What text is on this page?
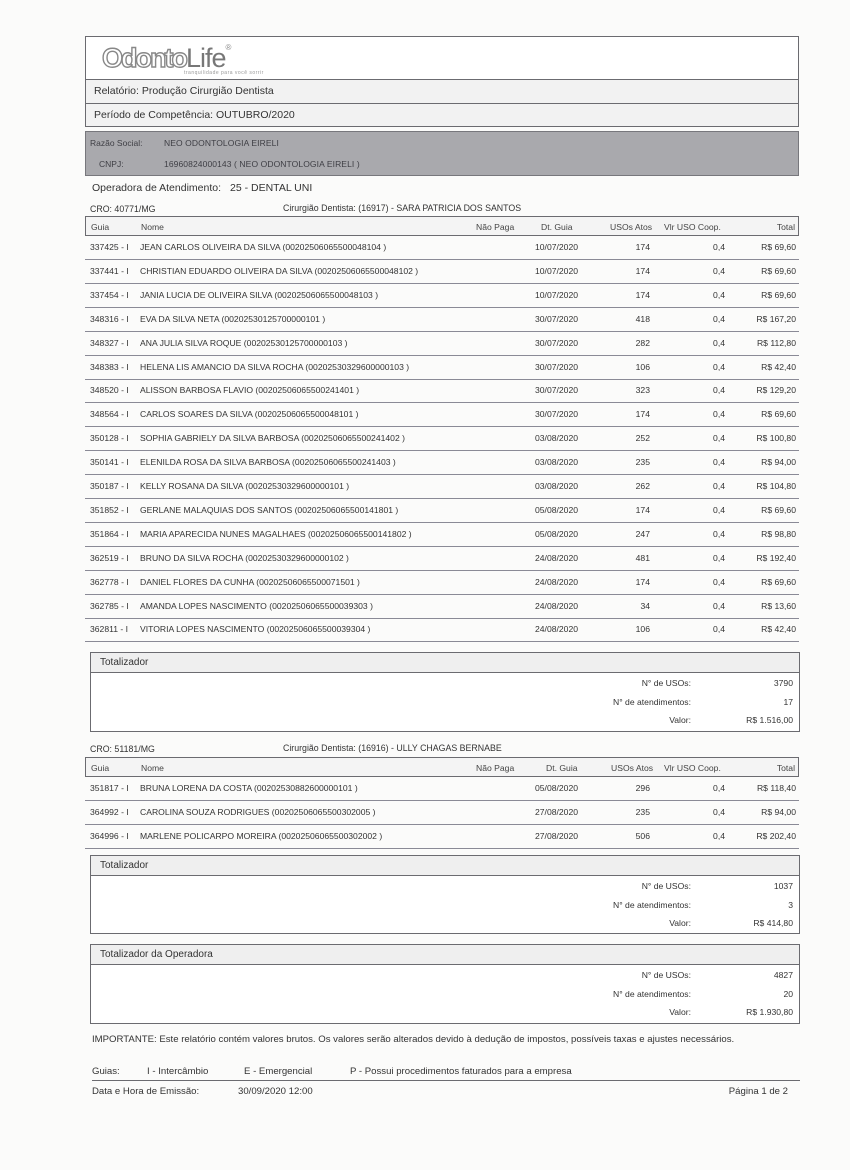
OdontoLife®
tranquilidade para você sorrir
Relatório: Produção Cirurgião Dentista
Período de Competência: OUTUBRO/2020
Razão Social:	NEO ODONTOLOGIA EIRELI
CNPJ:	16960824000143 ( NEO ODONTOLOGIA EIRELI )
Operadora de Atendimento: 25 - DENTAL UNI
CRO: 40771/MG	Cirurgião Dentista: (16917) - SARA PATRICIA DOS SANTOS
Guia	Nome	Não Paga	Dt. Guia	USOs Atos Vlr USO Coop.	Total
337425 - I JEAN CARLOS OLIVEIRA DA SILVA (00202506065500048104 )	10/07/2020	174	0,4	R$ 69,60
337441 - I CHRISTIAN EDUARDO OLIVEIRA DA SILVA (00202506065500048102 )	10/07/2020	174	0,4	R$ 69,60
337454 - I JANIA LUCIA DE OLIVEIRA SILVA (00202506065500048103 )	10/07/2020	174	0,4	R$ 69,60
348316 - I EVA DA SILVA NETA (00202530125700000101 )	30/07/2020	418	0,4	R$ 167,20
348327 - I ANA JULIA SILVA ROQUE (00202530125700000103 )	30/07/2020	282	0,4	R$ 112,80
348383 - I HELENA LIS AMANCIO DA SILVA ROCHA (00202530329600000103 )	30/07/2020	106	0,4	R$ 42,40
348520 - I ALISSON BARBOSA FLAVIO (00202506065500241401 )	30/07/2020	323	0,4	R$ 129,20
348564 - I CARLOS SOARES DA SILVA (00202506065500048101 )	30/07/2020	174	0,4	R$ 69,60
350128 - I SOPHIA GABRIELY DA SILVA BARBOSA (00202506065500241402 )	03/08/2020	252	0,4	R$ 100,80
350141 - I ELENILDA ROSA DA SILVA BARBOSA (00202506065500241403 )	03/08/2020	235	0,4	R$ 94,00
350187 - I KELLY ROSANA DA SILVA (00202530329600000101 )	03/08/2020	262	0,4	R$ 104,80
351852 - I GERLANE MALAQUIAS DOS SANTOS (00202506065500141801 )	05/08/2020	174	0,4	R$ 69,60
351864 - I MARIA APARECIDA NUNES MAGALHAES (00202506065500141802 )	05/08/2020	247	0,4	R$ 98,80
362519 - I BRUNO DA SILVA ROCHA (00202530329600000102 )	24/08/2020	481	0,4	R$ 192,40
362778 - I DANIEL FLORES DA CUNHA (00202506065500071501 )	24/08/2020	174	0,4	R$ 69,60
362785 - I AMANDA LOPES NASCIMENTO (00202506065500039303 )	24/08/2020	34	0,4	R$ 13,60
362811 - I VITORIA LOPES NASCIMENTO (00202506065500039304 )	24/08/2020	106	0,4	R$ 42,40
Totalizador
N° de USOs:	3790
N° de atendimentos:	17
Valor:	R$ 1.516,00
CRO: 51181/MG	Cirurgião Dentista: (16916) - ULLY CHAGAS BERNABE
Guia	Nome	Não Paga	Dt. Guia	USOs Atos Vlr USO Coop.	Total
351817 - I BRUNA LORENA DA COSTA (00202530882600000101 )	05/08/2020	296	0,4	R$ 118,40
364992 - I CAROLINA SOUZA RODRIGUES (00202506065500302005 )	27/08/2020	235	0,4	R$ 94,00
364996 - I MARLENE POLICARPO MOREIRA (00202506065500302002 )	27/08/2020	506	0,4	R$ 202,40
Totalizador
N° de USOs:	1037
N° de atendimentos:	3
Valor:	R$ 414,80
Totalizador da Operadora
N° de USOs:	4827
N° de atendimentos:	20
Valor:	R$ 1.930,80
IMPORTANTE: Este relatório contém valores brutos. Os valores serão alterados devido à dedução de impostos, possíveis taxas e ajustes necessários.
Guias:	I - Intercâmbio	E - Emergencial	P - Possui procedimentos faturados para a empresa
Data e Hora de Emissão:	30/09/2020 12:00	Página 1 de 2
